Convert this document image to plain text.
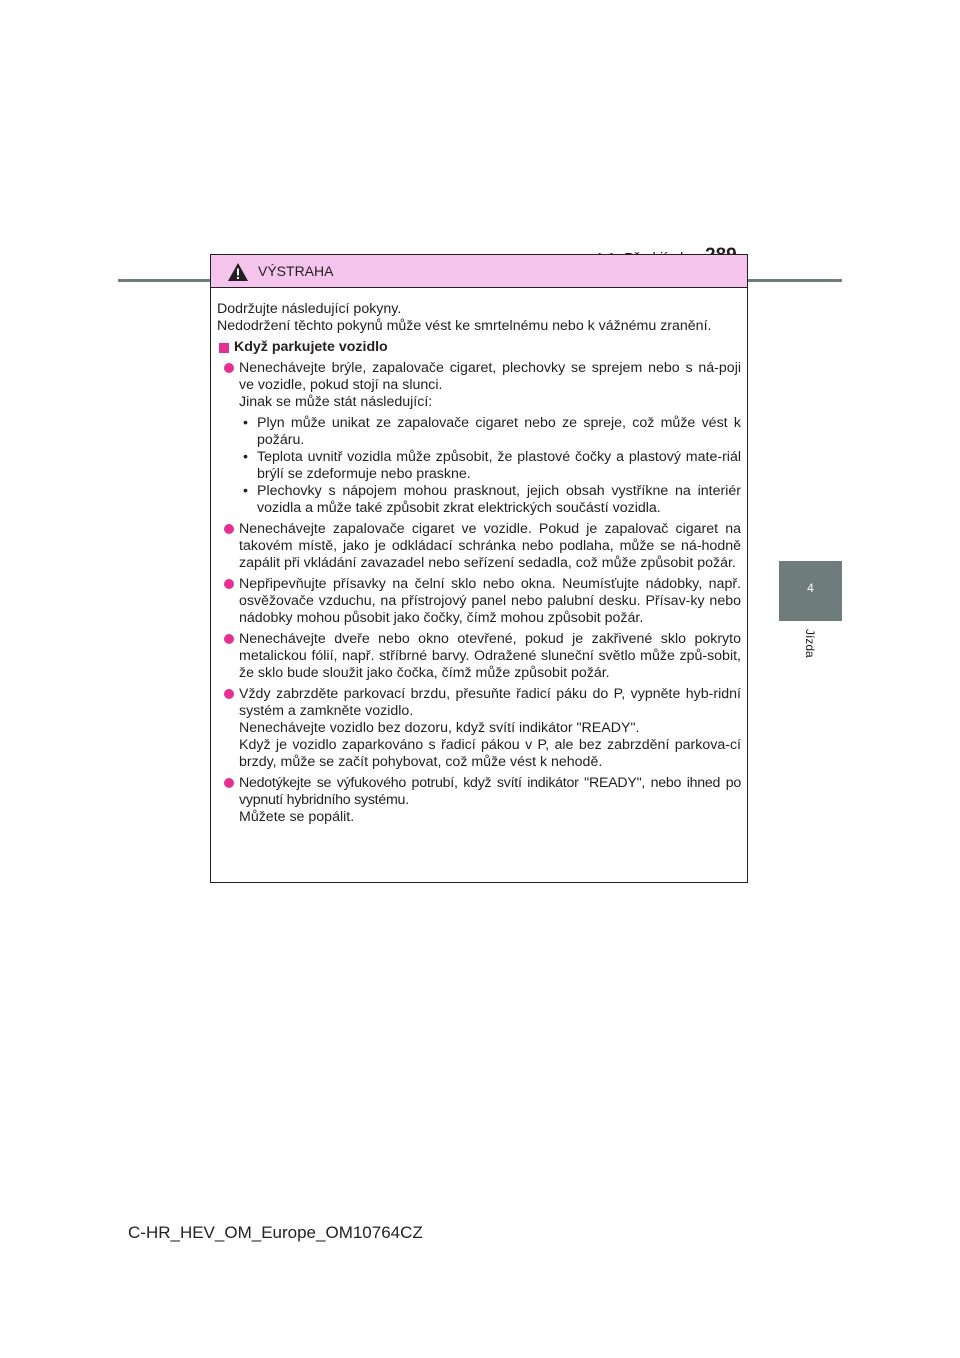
4
Jízda
VÝSTRAHA

Dodržujte následující pokyny.

Nedodržení těchto pokynů může vést ke smrtelnému nebo k vážnému zranění.

Když parkujete vozidlo

Nenechávejte brýle, zapalovače cigaret, plechovky se sprejem nebo s ná-poji ve vozidle, pokud stojí na slunci.

Jinak se může stát následující:

• Plyn může unikat ze zapalovače cigaret nebo ze spreje, což může vést k požáru.
• Teplota uvnitř vozidla může způsobit, že plastové čočky a plastový mate-riál brýlí se zdeformuje nebo praskne.
• Plechovky s nápojem mohou prasknout, jejich obsah vystříkne na interiér vozidla a může také způsobit zkrat elektrických součástí vozidla.

Nenechávejte zapalovače cigaret ve vozidle. Pokud je zapalovač cigaret na takovém místě, jako je odkládací schránka nebo podlaha, může se ná-hodně zapálit při vkládání zavazadel nebo seřízení sedadla, což může způsobit požár.

Nepřipevňujte přísavky na čelní sklo nebo okna. Neumísťujte nádobky, např. osvěžovače vzduchu, na přístrojový panel nebo palubní desku. Přísav-ky nebo nádobky mohou působit jako čočky, čímž mohou způsobit požár.

Nenechávejte dveře nebo okno otevřené, pokud je zakřivené sklo pokryto metalickou fólií, např. stříbrné barvy. Odražené sluneční světlo může způ-sobit, že sklo bude sloužit jako čočka, čímž může způsobit požár.

Vždy zabrzděte parkovací brzdu, přesuňte řadicí páku do P, vypněte hyb-ridní systém a zamkněte vozidlo.

Nenechávejte vozidlo bez dozoru, když svítí indikátor "READY".

Když je vozidlo zaparkováno s řadicí pákou v P, ale bez zabrzdění parkova-cí brzdy, může se začít pohybovat, což může vést k nehodě.

Nedotýkejte se výfukového potrubí, když svítí indikátor "READY", nebo ihned po vypnutí hybridního systému.

Můžete se popálit.

C-HR_HEV_OM_Europe_OM10764CZ
